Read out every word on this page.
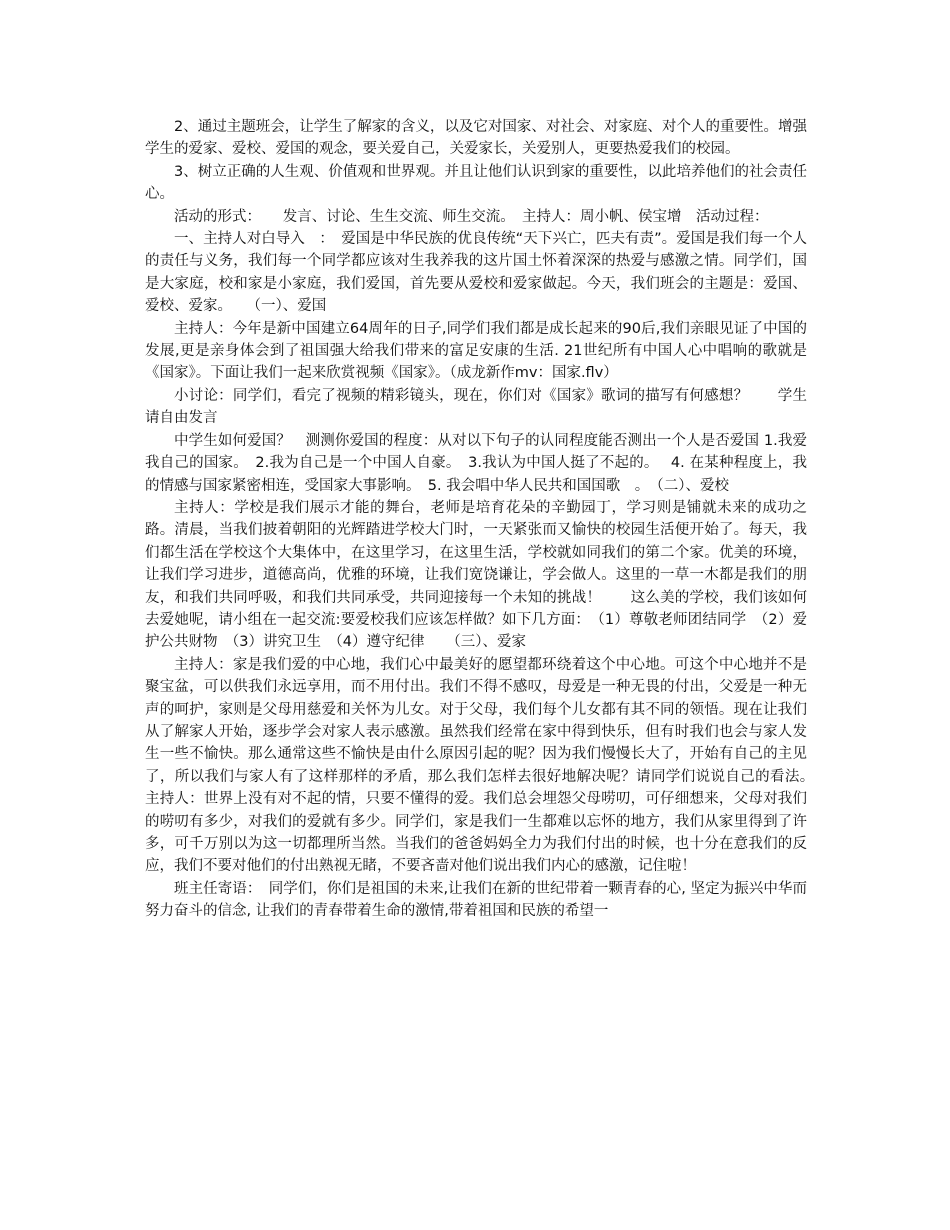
2、通过主题班会，让学生了解家的含义，以及它对国家、对社会、对家庭、对个人的重要性。增强学生的爱家、爱校、爱国的观念，要关爱自己，关爱家长，关爱别人，更要热爱我们的校园。

3、树立正确的人生观、价值观和世界观。并且让他们认识到家的重要性，以此培养他们的社会责任心。

活动的形式：　　发言、讨论、生生交流、师生交流。　主持人：周小帆、侯宝增　活动过程：

一、主持人对白导入　：　爱国是中华民族的优良传统“天下兴亡，匹夫有责”。爱国是我们每一个人的责任与义务，我们每一个同学都应该对生我养我的这片国土怀着深深的热爱与感激之情。同学们，国是大家庭，校和家是小家庭，我们爱国，首先要从爱校和爱家做起。今天，我们班会的主题是：爱国、爱校、爱家。　　（一）、爱国

主持人：今年是新中国建立64周年的日子,同学们我们都是成长起来的90后,我们亲眼见证了中国的发展,更是亲身体会到了祖国强大给我们带来的富足安康的生活. 21世纪所有中国人心中唱响的歌就是《国家》。下面让我们一起来欣赏视频《国家》。（成龙新作mv：国家.flv）

小讨论：同学们，看完了视频的精彩镜头，现在，你们对《国家》歌词的描写有何感想？　　学生请自由发言

中学生如何爱国？　测测你爱国的程度：从对以下句子的认同程度能否测出一个人是否爱国 1.我爱我自己的国家。　2.我为自己是一个中国人自豪。　3.我认为中国人挺了不起的。　 4. 在某种程度上，我的情感与国家紧密相连，受国家大事影响。　5. 我会唱中华人民共和国国歌　。　（二）、爱校

主持人：学校是我们展示才能的舞台，老师是培育花朵的辛勤园丁，学习则是铺就未来的成功之路。清晨，当我们披着朝阳的光辉踏进学校大门时，一天紧张而又愉快的校园生活便开始了。每天，我们都生活在学校这个大集体中，在这里学习，在这里生活，学校就如同我们的第二个家。优美的环境，让我们学习进步，道德高尚，优雅的环境，让我们宽饶谦让，学会做人。这里的一草一木都是我们的朋友，和我们共同呼吸，和我们共同承受，共同迎接每一个未知的挑战！　　这么美的学校，我们该如何去爱她呢，请小组在一起交流:要爱校我们应该怎样做？如下几方面：　（1）尊敬老师团结同学　（2）爱护公共财物　（3）讲究卫生　（4）遵守纪律　　（三）、爱家

主持人：家是我们爱的中心地，我们心中最美好的愿望都环绕着这个中心地。可这个中心地并不是聚宝盆，可以供我们永远享用，而不用付出。我们不得不感叹，母爱是一种无畏的付出，父爱是一种无声的呵护，家则是父母用慈爱和关怀为儿女。对于父母，我们每个儿女都有其不同的领悟。现在让我们从了解家人开始，逐步学会对家人表示感激。虽然我们经常在家中得到快乐，但有时我们也会与家人发生一些不愉快。那么通常这些不愉快是由什么原因引起的呢？因为我们慢慢长大了，开始有自己的主见了，所以我们与家人有了这样那样的矛盾，那么我们怎样去很好地解决呢？请同学们说说自己的看法。　　主持人：世界上没有对不起的情，只要不懂得的爱。我们总会埋怨父母唠叨，可仔细想来，父母对我们的唠叨有多少，对我们的爱就有多少。同学们，家是我们一生都难以忘怀的地方，我们从家里得到了许多，可千万别以为这一切都理所当然。当我们的爸爸妈妈全力为我们付出的时候，也十分在意我们的反应，我们不要对他们的付出熟视无睹，不要吝啬对他们说出我们内心的感激，记住啦！

班主任寄语：　同学们，你们是祖国的未来,让我们在新的世纪带着一颗青春的心, 坚定为振兴中华而努力奋斗的信念, 让我们的青春带着生命的激情,带着祖国和民族的希望一
